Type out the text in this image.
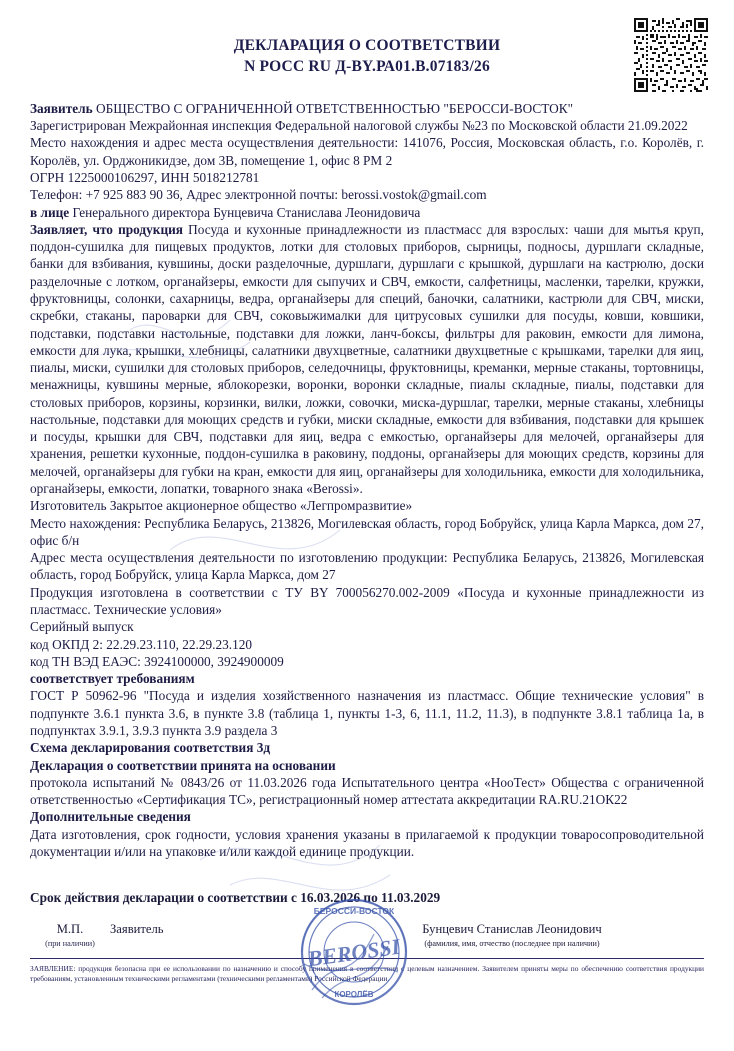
ДЕКЛАРАЦИЯ О СООТВЕТСТВИИ
N РОСС RU Д-BY.РА01.В.07183/26

Заявитель ОБЩЕСТВО С ОГРАНИЧЕННОЙ ОТВЕТСТВЕННОСТЬЮ "БЕРОССИ-ВОСТОК"

Зарегистрирован Межрайонная инспекция Федеральной налоговой службы №23 по Московской области 21.09.2022

Место нахождения и адрес места осуществления деятельности: 141076, Россия, Московская область, г.о. Королёв, г. Королёв, ул. Орджоникидзе, дом 3В, помещение 1, офис 8 РМ 2

ОГРН 1225000106297, ИНН 5018212781

Телефон: +7 925 883 90 36, Адрес электронной почты: berossi.vostok@gmail.com

в лице Генерального директора Бунцевича Станислава Леонидовича

Заявляет, что продукция Посуда и кухонные принадлежности из пластмасс для взрослых: чаши для мытья круп, поддон-сушилка для пищевых продуктов, лотки для столовых приборов, сырницы, подносы, дуршлаги складные, банки для взбивания, кувшины, доски разделочные, дуршлаги, дуршлаги с крышкой, дуршлаги на кастрюлю, доски разделочные с лотком, органайзеры, емкости для сыпучих и СВЧ, емкости, салфетницы, масленки, тарелки, кружки, фруктовницы, солонки, сахарницы, ведра, органайзеры для специй, баночки, салатники, кастрюли для СВЧ, миски, скребки, стаканы, пароварки для СВЧ, соковыжималки для цитрусовых сушилки для посуды, ковши, ковшики, подставки, подставки настольные, подставки для ложки, ланч-боксы, фильтры для раковин, емкости для лимона, емкости для лука, крышки, хлебницы, салатники двухцветные, салатники двухцветные с крышками, тарелки для яиц, пиалы, миски, сушилки для столовых приборов, селедочницы, фруктовницы, креманки, мерные стаканы, тортовницы, менажницы, кувшины мерные, яблокорезки, воронки, воронки складные, пиалы складные, пиалы, подставки для столовых приборов, корзины, корзинки, вилки, ложки, совочки, миска-дуршлаг, тарелки, мерные стаканы, хлебницы настольные, подставки для моющих средств и губки, миски складные, емкости для взбивания, подставки для крышек и посуды, крышки для СВЧ, подставки для яиц, ведра с емкостью, органайзеры для мелочей, органайзеры для хранения, решетки кухонные, поддон-сушилка в раковину, поддоны, органайзеры для моющих средств, корзины для мелочей, органайзеры для губки на кран, емкости для яиц, органайзеры для холодильника, емкости для холодильника, органайзеры, емкости, лопатки, товарного знака «Berossi».

Изготовитель Закрытое акционерное общество «Легпромразвитие»

Место нахождения: Республика Беларусь, 213826, Могилевская область, город Бобруйск, улица Карла Маркса, дом 27, офис б/н

Адрес места осуществления деятельности по изготовлению продукции: Республика Беларусь, 213826, Могилевская область, город Бобруйск, улица Карла Маркса, дом 27

Продукция изготовлена в соответствии с ТУ BY 700056270.002-2009 «Посуда и кухонные принадлежности из пластмасс. Технические условия»

Серийный выпуск

код ОКПД 2: 22.29.23.110, 22.29.23.120

код ТН ВЭД ЕАЭС: 3924100000, 3924900009

соответствует требованиям

ГОСТ Р 50962-96 "Посуда и изделия хозяйственного назначения из пластмасс. Общие технические условия" в подпункте 3.6.1 пункта 3.6, в пункте 3.8 (таблица 1, пункты 1-3, 6, 11.1, 11.2, 11.3), в подпункте 3.8.1 таблица 1а, в подпунктах 3.9.1, 3.9.3 пункта 3.9 раздела 3

Схема декларирования соответствия 3д

Декларация о соответствии принята на основании

протокола испытаний № 0843/26 от 11.03.2026 года Испытательного центра «НооТест» Общества с ограниченной ответственностью «Сертификация ТС», регистрационный номер аттестата аккредитации RA.RU.21ОК22

Дополнительные сведения

Дата изготовления, срок годности, условия хранения указаны в прилагаемой к продукции товаросопроводительной документации и/или на упаковке и/или каждой единице продукции.

Срок действия декларации о соответствии с 16.03.2026 по 11.03.2029
М.П.
(при наличии)
Заявитель
БЕРОССИ-ВОСТОК
КОРОЛЁВ
BEROSSI
Бунцевич Станислав Леонидович
(фамилия, имя, отчество (последнее при наличии)
ЗАЯВЛЕНИЕ: продукция безопасна при ее использовании по назначению и способу применения в соответствии с целевым назначением. Заявителем приняты меры по обеспечению соответствия продукции требованиям, установленным техническими регламентами (техническими регламентами) Российской Федерации.
